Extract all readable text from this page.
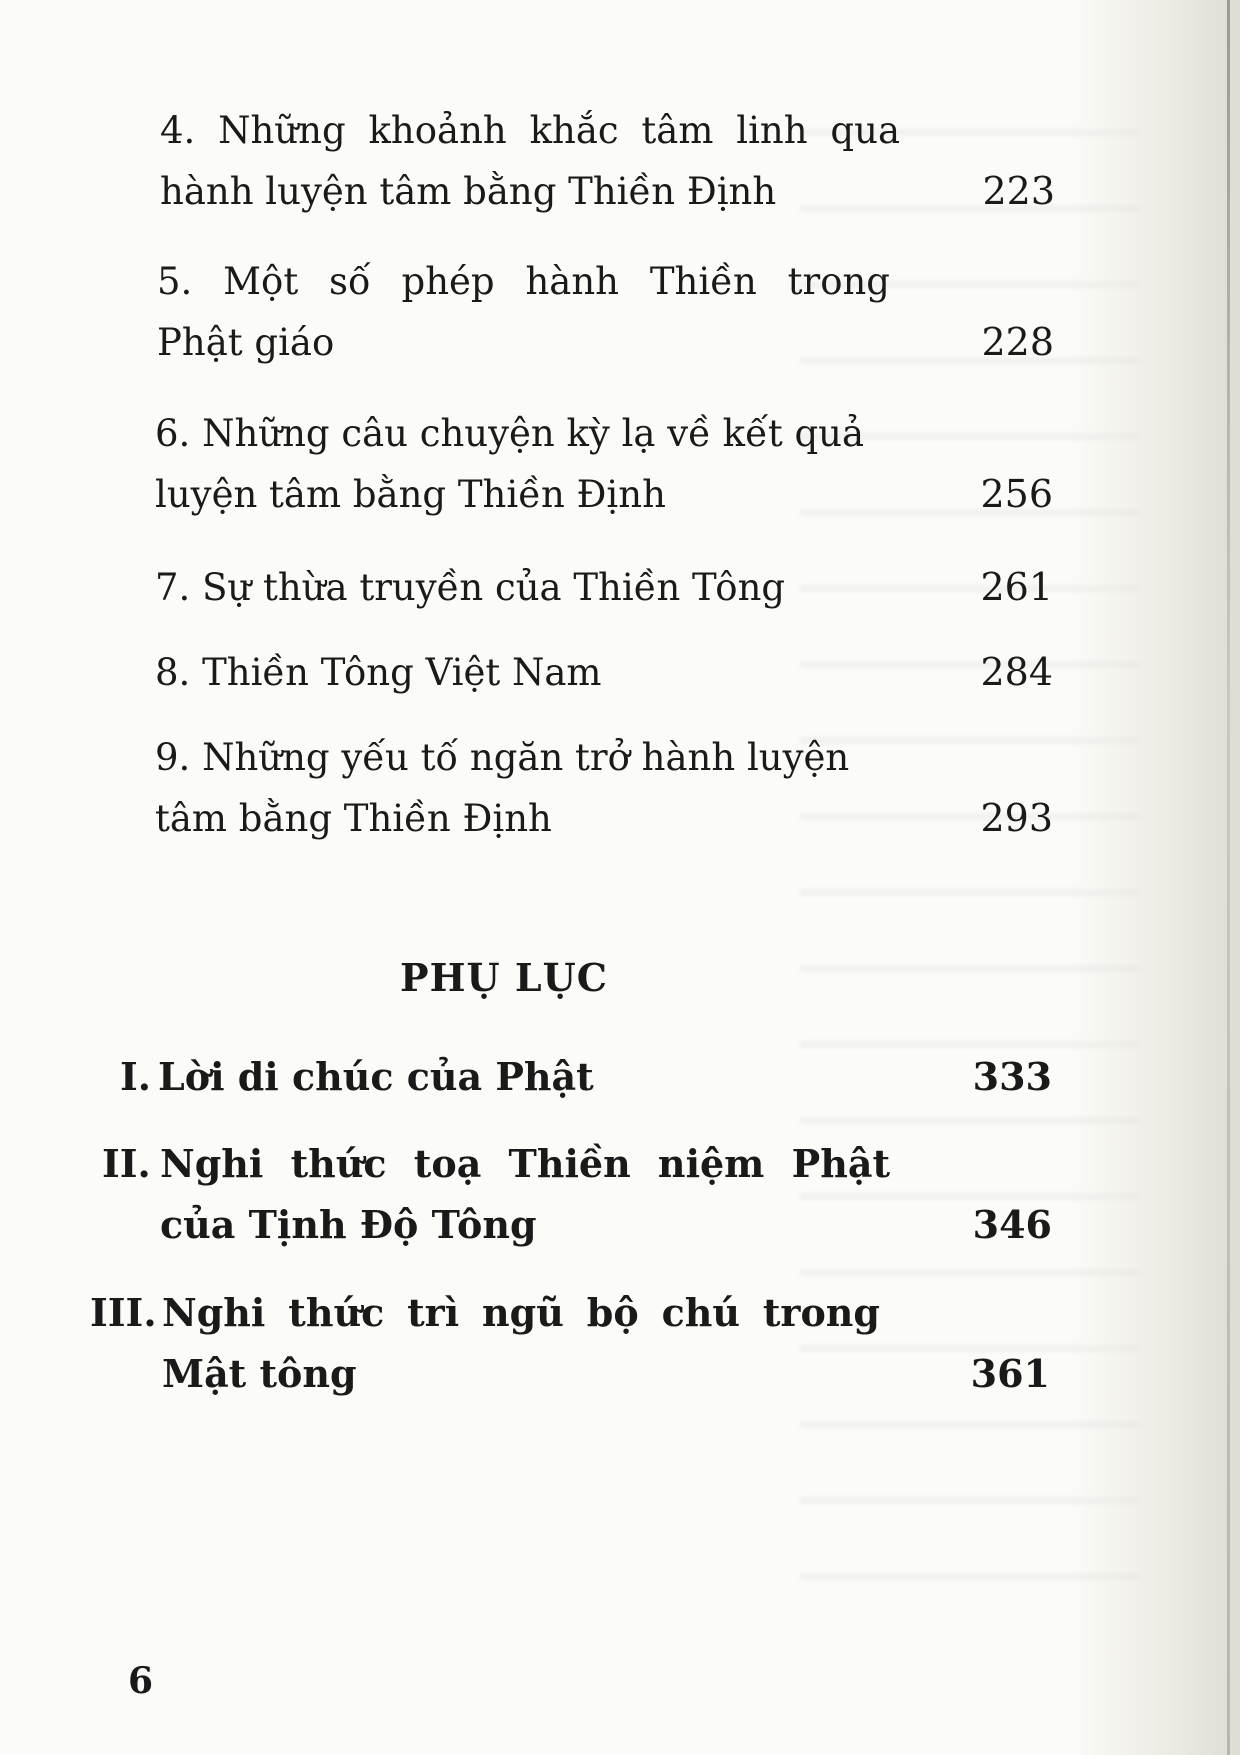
4. Những khoảnh khắc tâm linh qua
hành luyện tâm bằng Thiền Định	223
5. Một số phép hành Thiền trong
Phật giáo	228
6. Những câu chuyện kỳ lạ về kết quả
luyện tâm bằng Thiền Định	256
7. Sự thừa truyền của Thiền Tông	261
8. Thiền Tông Việt Nam	284
9. Những yếu tố ngăn trở hành luyện
tâm bằng Thiền Định	293
PHỤ LỤC
I. Lời di chúc của Phật	333
II. Nghi thức toạ Thiền niệm Phật
của Tịnh Độ Tông	346
III. Nghi thức trì ngũ bộ chú trong
Mật tông	361
6
